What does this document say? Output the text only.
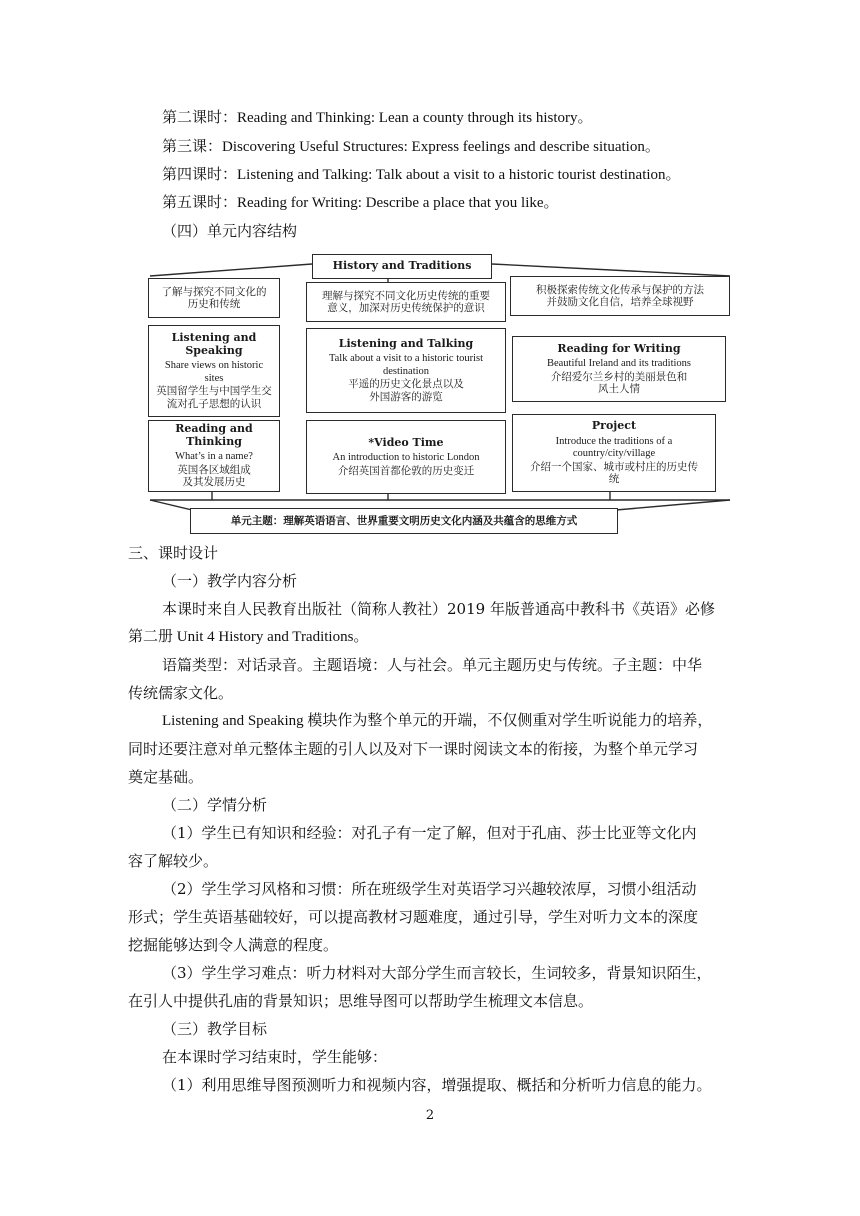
第二课时：Reading and Thinking: Lean a county through its history。
第三课：Discovering Useful Structures: Express feelings and describe situation。
第四课时：Listening and Talking: Talk about a visit to a historic tourist destination。
第五课时：Reading for Writing: Describe a place that you like。
（四）单元内容结构
History and Traditions
了解与探究不同文化的
历史和传统
理解与探究不同文化历史传统的重要
意义，加深对历史传统保护的意识
积极探索传统文化传承与保护的方法
并鼓励文化自信，培养全球视野
Listening and Speaking
Share views on historic
sites
英国留学生与中国学生交
流对孔子思想的认识
Listening and Talking
Talk about a visit to a historic tourist
destination
平遥的历史文化景点以及
外国游客的游览
Reading for Writing
Beautiful Ireland and its traditions
介绍爱尔兰乡村的美丽景色和
风土人情
Reading and Thinking
What’s in a name?
英国各区域组成
及其发展历史
*Video Time
An introduction to historic London
介绍英国首都伦敦的历史变迁
Project
Introduce the traditions of a
country/city/village
介绍一个国家、城市或村庄的历史传
统
单元主题：理解英语语言、世界重要文明历史文化内涵及共蕴含的思维方式
三、课时设计
（一）教学内容分析
本课时来自人民教育出版社（简称人教社）2019 年版普通高中教科书《英语》必修
第二册 Unit 4 History and Traditions。
语篇类型：对话录音。主题语境：人与社会。单元主题历史与传统。子主题：中华
传统儒家文化。
Listening and Speaking 模块作为整个单元的开端，不仅侧重对学生听说能力的培养，
同时还要注意对单元整体主题的引人以及对下一课时阅读文本的衔接，为整个单元学习
奠定基础。
（二）学情分析
（1）学生已有知识和经验：对孔子有一定了解，但对于孔庙、莎士比亚等文化内
容了解较少。
（2）学生学习风格和习惯：所在班级学生对英语学习兴趣较浓厚，习惯小组活动
形式；学生英语基础较好，可以提高教材习题难度，通过引导，学生对听力文本的深度
挖掘能够达到令人满意的程度。
（3）学生学习难点：听力材料对大部分学生而言较长，生词较多，背景知识陌生，
在引人中提供孔庙的背景知识；思维导图可以帮助学生梳理文本信息。
（三）教学目标
在本课时学习结束时，学生能够：
（1）利用思维导图预测听力和视频内容，增强提取、概括和分析听力信息的能力。
2
